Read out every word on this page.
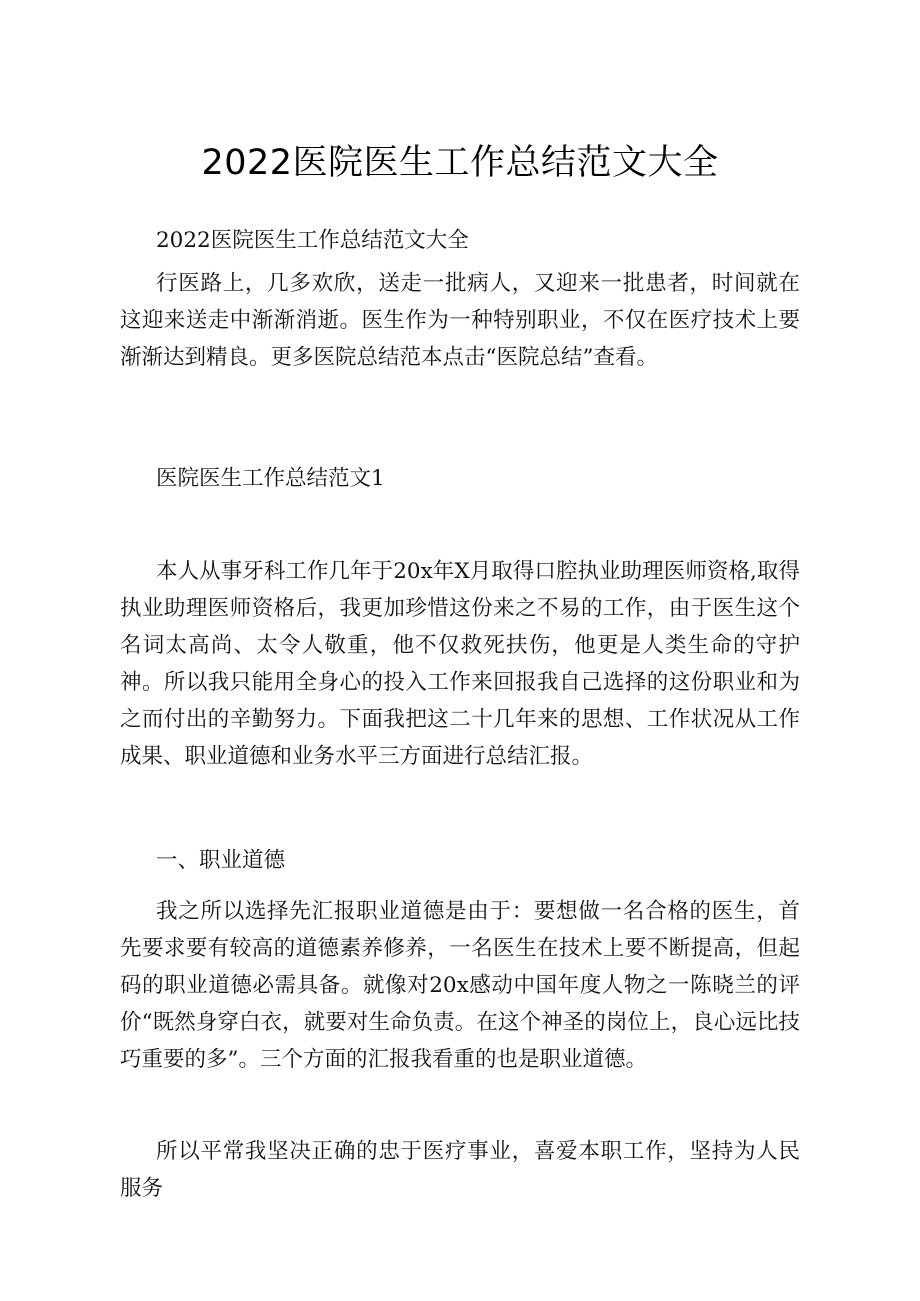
2022医院医生工作总结范文大全

2022医院医生工作总结范文大全

行医路上，几多欢欣，送走一批病人，又迎来一批患者，时间就在这迎来送走中渐渐消逝。医生作为一种特别职业，不仅在医疗技术上要渐渐达到精良。更多医院总结范本点击“医院总结”查看。

医院医生工作总结范文1

本人从事牙科工作几年于20x年X月取得口腔执业助理医师资格,取得执业助理医师资格后，我更加珍惜这份来之不易的工作，由于医生这个名词太高尚、太令人敬重，他不仅救死扶伤，他更是人类生命的守护神。所以我只能用全身心的投入工作来回报我自己选择的这份职业和为之而付出的辛勤努力。下面我把这二十几年来的思想、工作状况从工作成果、职业道德和业务水平三方面进行总结汇报。

一、职业道德

我之所以选择先汇报职业道德是由于：要想做一名合格的医生，首先要求要有较高的道德素养修养，一名医生在技术上要不断提高，但起码的职业道德必需具备。就像对20x感动中国年度人物之一陈晓兰的评价“既然身穿白衣，就要对生命负责。在这个神圣的岗位上，良心远比技巧重要的多”。三个方面的汇报我看重的也是职业道德。

所以平常我坚决正确的忠于医疗事业，喜爱本职工作，坚持为人民服务
